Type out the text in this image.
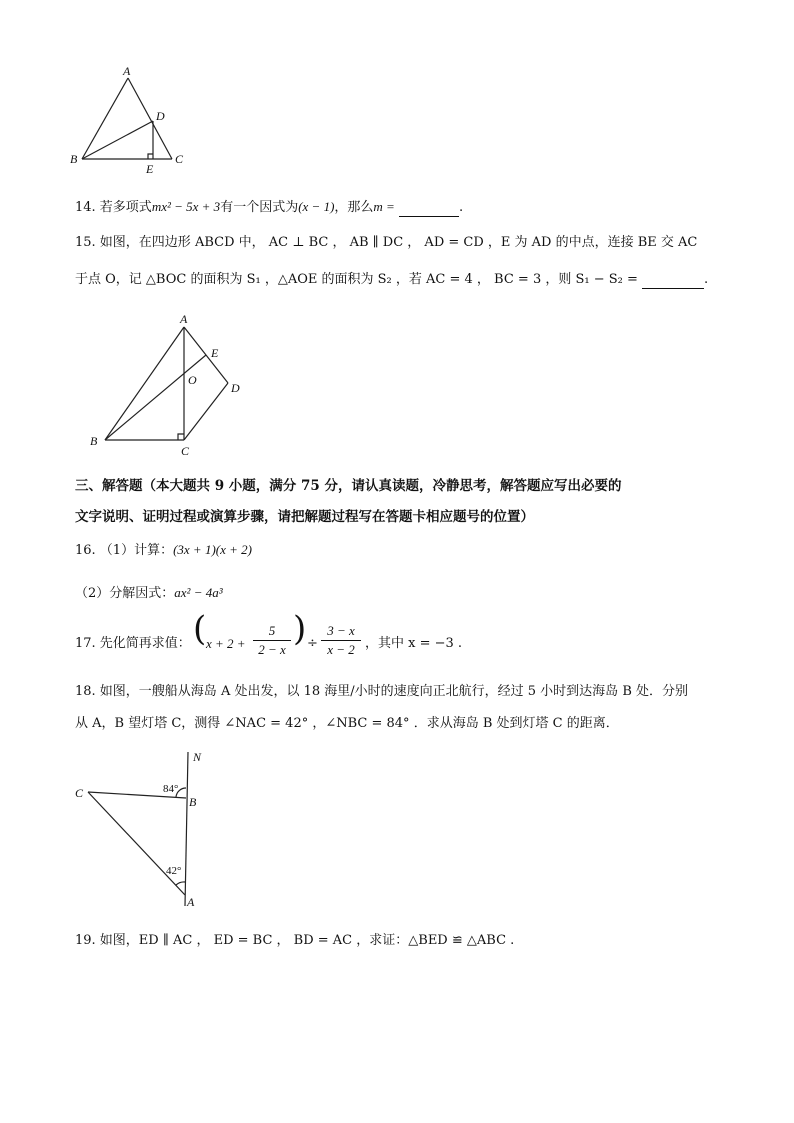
A
B	C
D
E
14. 若多项式mx² − 5x + 3有一个因式为(x − 1)，那么m =	.
15. 如图，在四边形 ABCD 中， AC ⊥ BC ， AB ∥ DC ， AD = CD ，E 为 AD 的中点，连接 BE 交 AC
于点 O，记 △BOC 的面积为 S₁ ，△AOE 的面积为 S₂ ，若 AC = 4 ， BC = 3 ，则 S₁ − S₂ =	.
A
B
C
D
E
O
三、解答题（本大题共 9 小题，满分 75 分，请认真读题，冷静思考，解答题应写出必要的
文字说明、证明过程或演算步骤，请把解题过程写在答题卡相应题号的位置）
16. （1）计算：(3x + 1)(x + 2)
（2）分解因式：ax² − 4a³
17. 先化简再求值： ( $x + 2 + \frac{5}{2 - x}$ ) ÷ $\frac{3 - x}{x - 2}$ ，其中 x = −3 .
18. 如图，一艘船从海岛 A 处出发，以 18 海里/小时的速度向正北航行，经过 5 小时到达海岛 B 处．分别
从 A，B 望灯塔 C，测得 ∠NAC = 42° ，∠NBC = 84° ．求从海岛 B 处到灯塔 C 的距离．
N
C
B
A
84°
42°
19. 如图，ED ∥ AC ， ED = BC ， BD = AC ，求证：△BED ≌ △ABC .
